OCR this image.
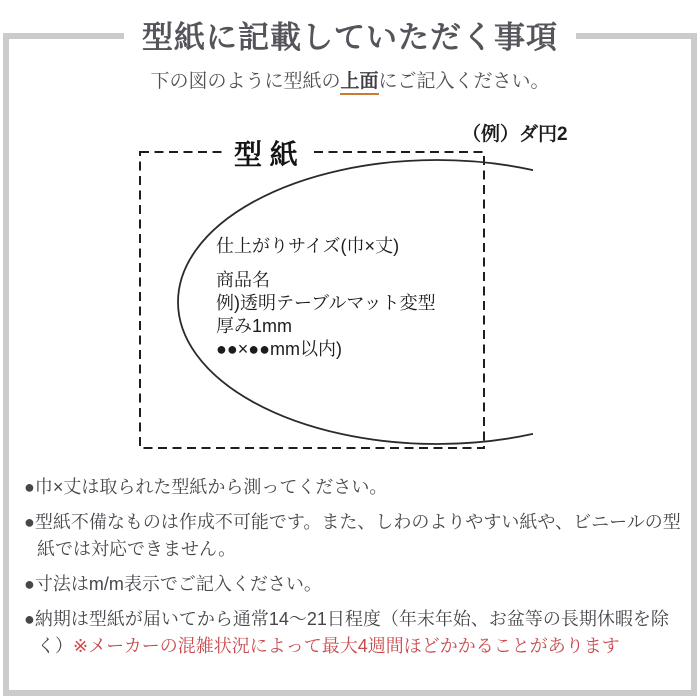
型紙に記載していただく事項

下の図のように型紙の上面にご記入ください。

（例）ダ円2
型 紙
仕上がりサイズ(巾×丈)
商品名
例)透明テーブルマット変型
厚み1mm
●●×●●mm以内)
●巾×丈は取られた型紙から測ってください。
●型紙不備なものは作成不可能です。また、しわのよりやすい紙や、ビニールの型紙では対応できません。
●寸法はm/m表示でご記入ください。
●納期は型紙が届いてから通常14〜21日程度（年末年始、お盆等の長期休暇を除く）※メーカーの混雑状況によって最大4週間ほどかかることがあります
